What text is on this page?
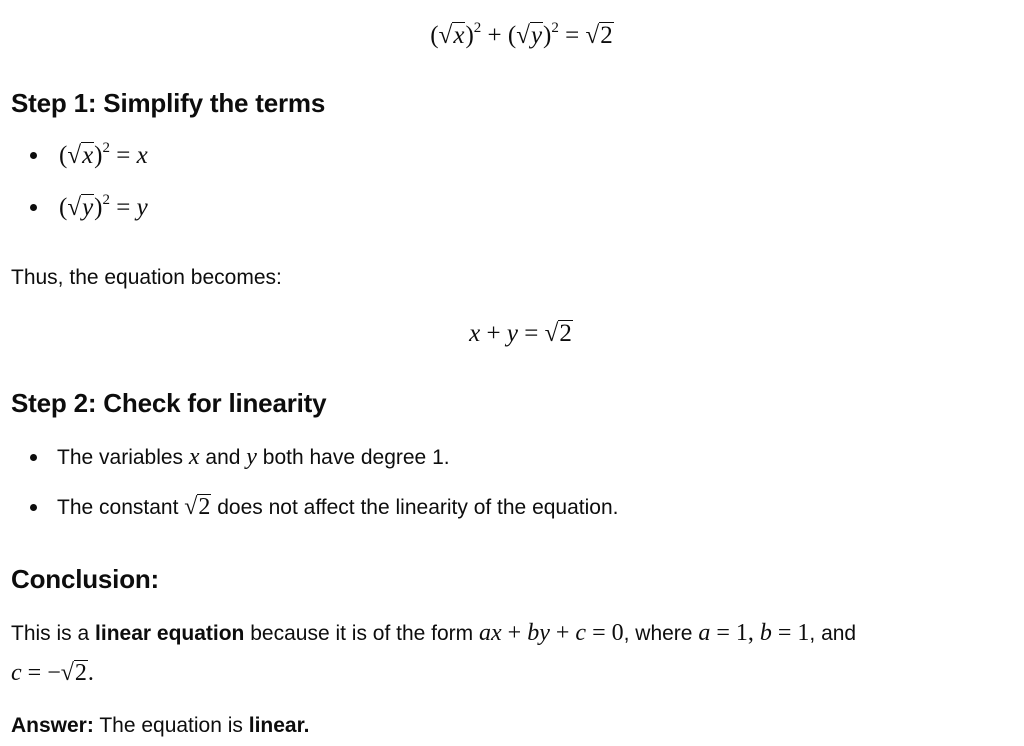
$(√x)^2 + (√y)^2 = √2$
Step 1: Simplify the terms
$(√x)^2 = x$
$(√y)^2 = y$
Thus, the equation becomes:
x + y = √2
Step 2: Check for linearity
The variables x and y both have degree 1.
The constant √2 does not affect the linearity of the equation.
Conclusion:
This is a linear equation because it is of the form ax + by + c = 0, where a = 1, b = 1, and
c = −√2.
Answer: The equation is linear.
